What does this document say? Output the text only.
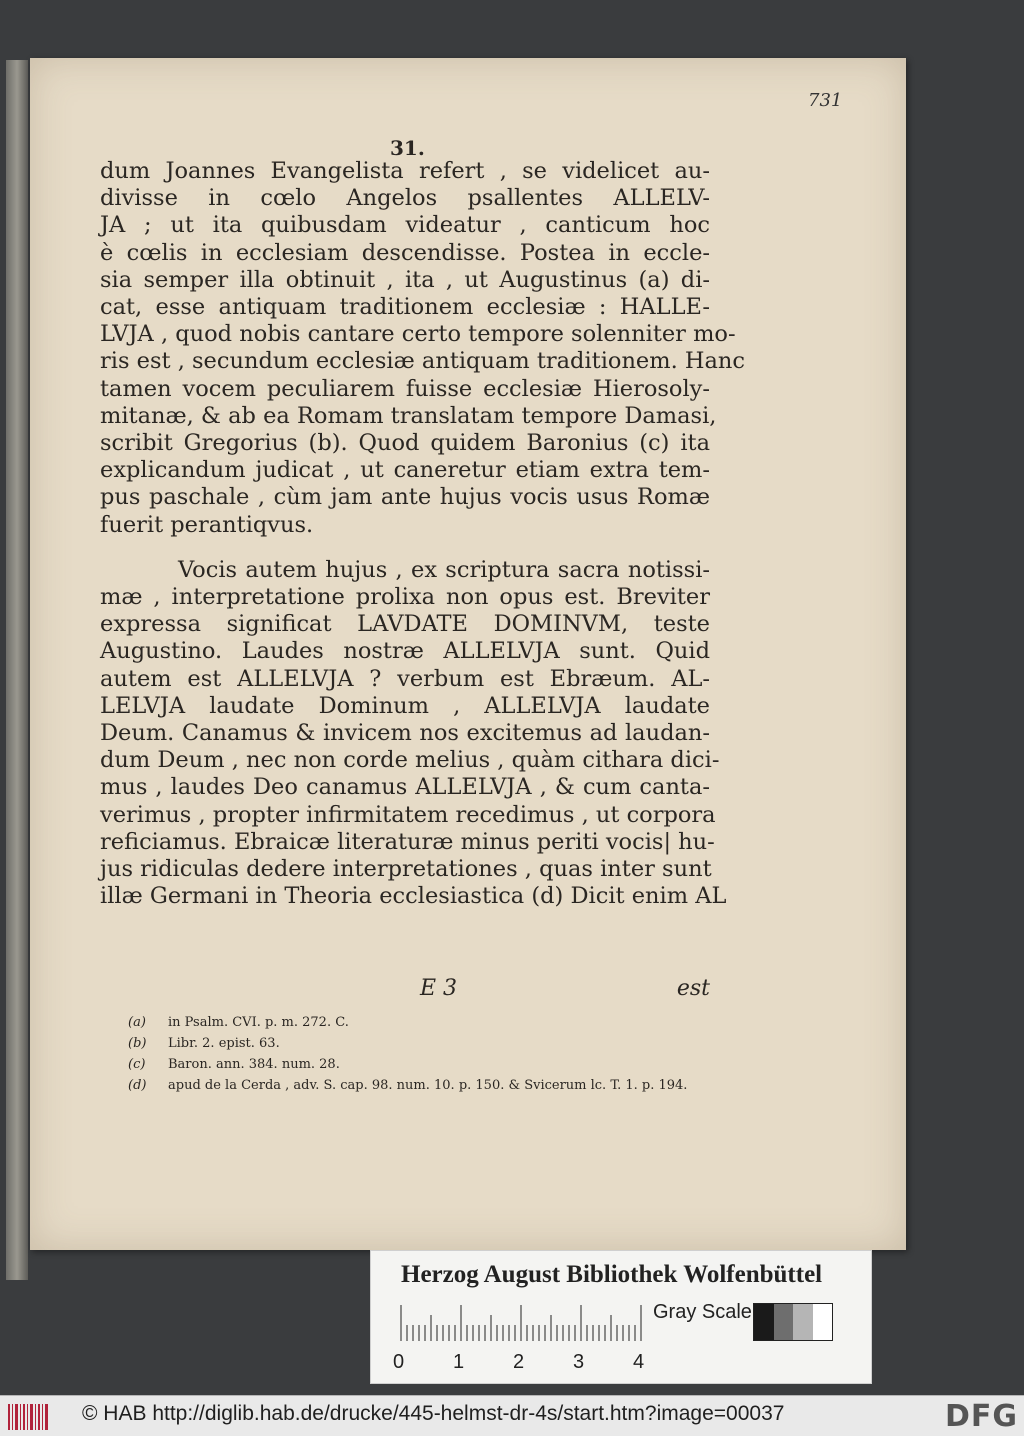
731
31.
dum Joannes Evangelista refert , se videlicet au-
divisse in cœlo Angelos psallentes ALLELV-
JA ; ut ita quibusdam videatur , canticum hoc
è cœlis in ecclesiam descendisse. Postea in eccle-
sia semper illa obtinuit , ita , ut Augustinus (a) di-
cat, esse antiquam traditionem ecclesiæ : HALLE-
LVJA , quod nobis cantare certo tempore solenniter mo-
ris est , secundum ecclesiæ antiquam traditionem. Hanc
tamen vocem peculiarem fuisse ecclesiæ Hierosoly-
mitanæ, & ab ea Romam translatam tempore Damasi,
scribit Gregorius (b). Quod quidem Baronius (c) ita
explicandum judicat , ut caneretur etiam extra tem-
pus paschale , cùm jam ante hujus vocis usus Romæ
fuerit perantiqvus.
Vocis autem hujus , ex scriptura sacra notissi-
mæ , interpretatione prolixa non opus est. Breviter
expressa significat LAVDATE DOMINVM, teste
Augustino. Laudes nostræ ALLELVJA sunt. Quid
autem est ALLELVJA ? verbum est Ebræum. AL-
LELVJA laudate Dominum , ALLELVJA laudate
Deum. Canamus & invicem nos excitemus ad laudan-
dum Deum , nec non corde melius , quàm cithara dici-
mus , laudes Deo canamus ALLELVJA , & cum canta-
verimus , propter infirmitatem recedimus , ut corpora
reficiamus. Ebraicæ literaturæ minus periti vocis| hu-
jus ridiculas dedere interpretationes , quas inter sunt
illæ Germani in Theoria ecclesiastica (d) Dicit enim AL
E 3	est
(a) in Psalm. CVI. p. m. 272. C.
(b) Libr. 2. epist. 63.
(c) Baron. ann. 384. num. 28.
(d) apud de la Cerda , adv. S. cap. 98. num. 10. p. 150. & Svicerum lc. T. 1. p. 194.
Herzog August Bibliothek Wolfenbüttel
0 1 2 3 4
Gray Scale
© HAB http://diglib.hab.de/drucke/445-helmst-dr-4s/start.htm?image=00037	DFG
